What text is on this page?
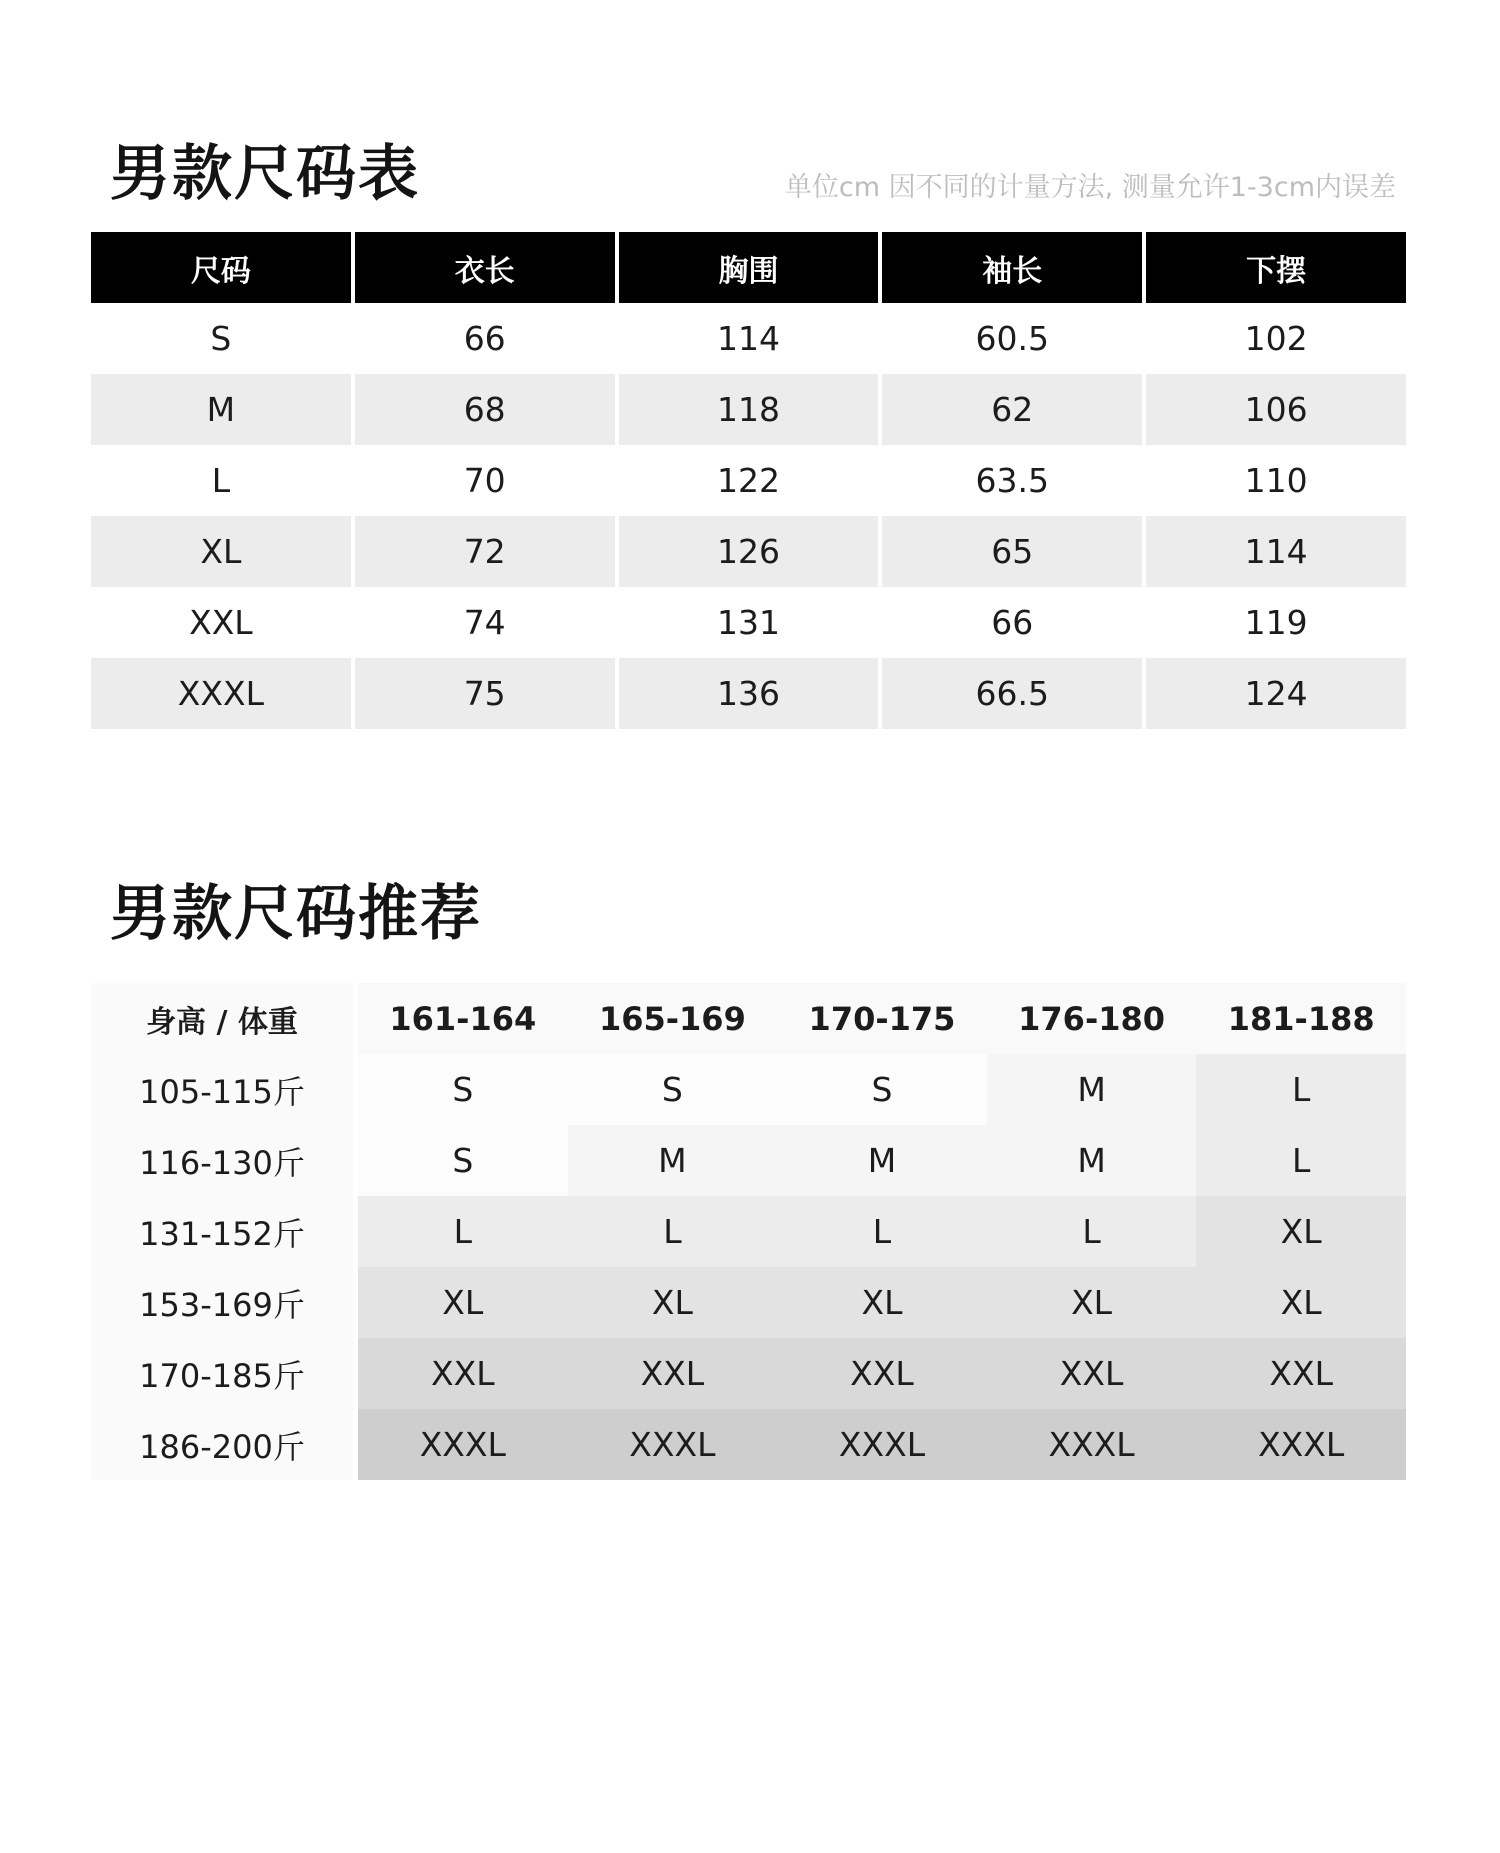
男款尺码表	单位cm 因不同的计量方法, 测量允许1-3cm内误差
尺码	衣长	胸围	袖长	下摆
S	66	114	60.5	102
M	68	118	62	106
L	70	122	63.5	110
XL	72	126	65	114
XXL	74	131	66	119
XXXL	75	136	66.5	124
男款尺码推荐
身高 / 体重	161-164	165-169	170-175	176-180	181-188
105-115斤	S	S	S	M	L
116-130斤	S	M	M	M	L
131-152斤	L	L	L	L	XL
153-169斤	XL	XL	XL	XL	XL
170-185斤	XXL	XXL	XXL	XXL	XXL
186-200斤	XXXL	XXXL	XXXL	XXXL	XXXL
